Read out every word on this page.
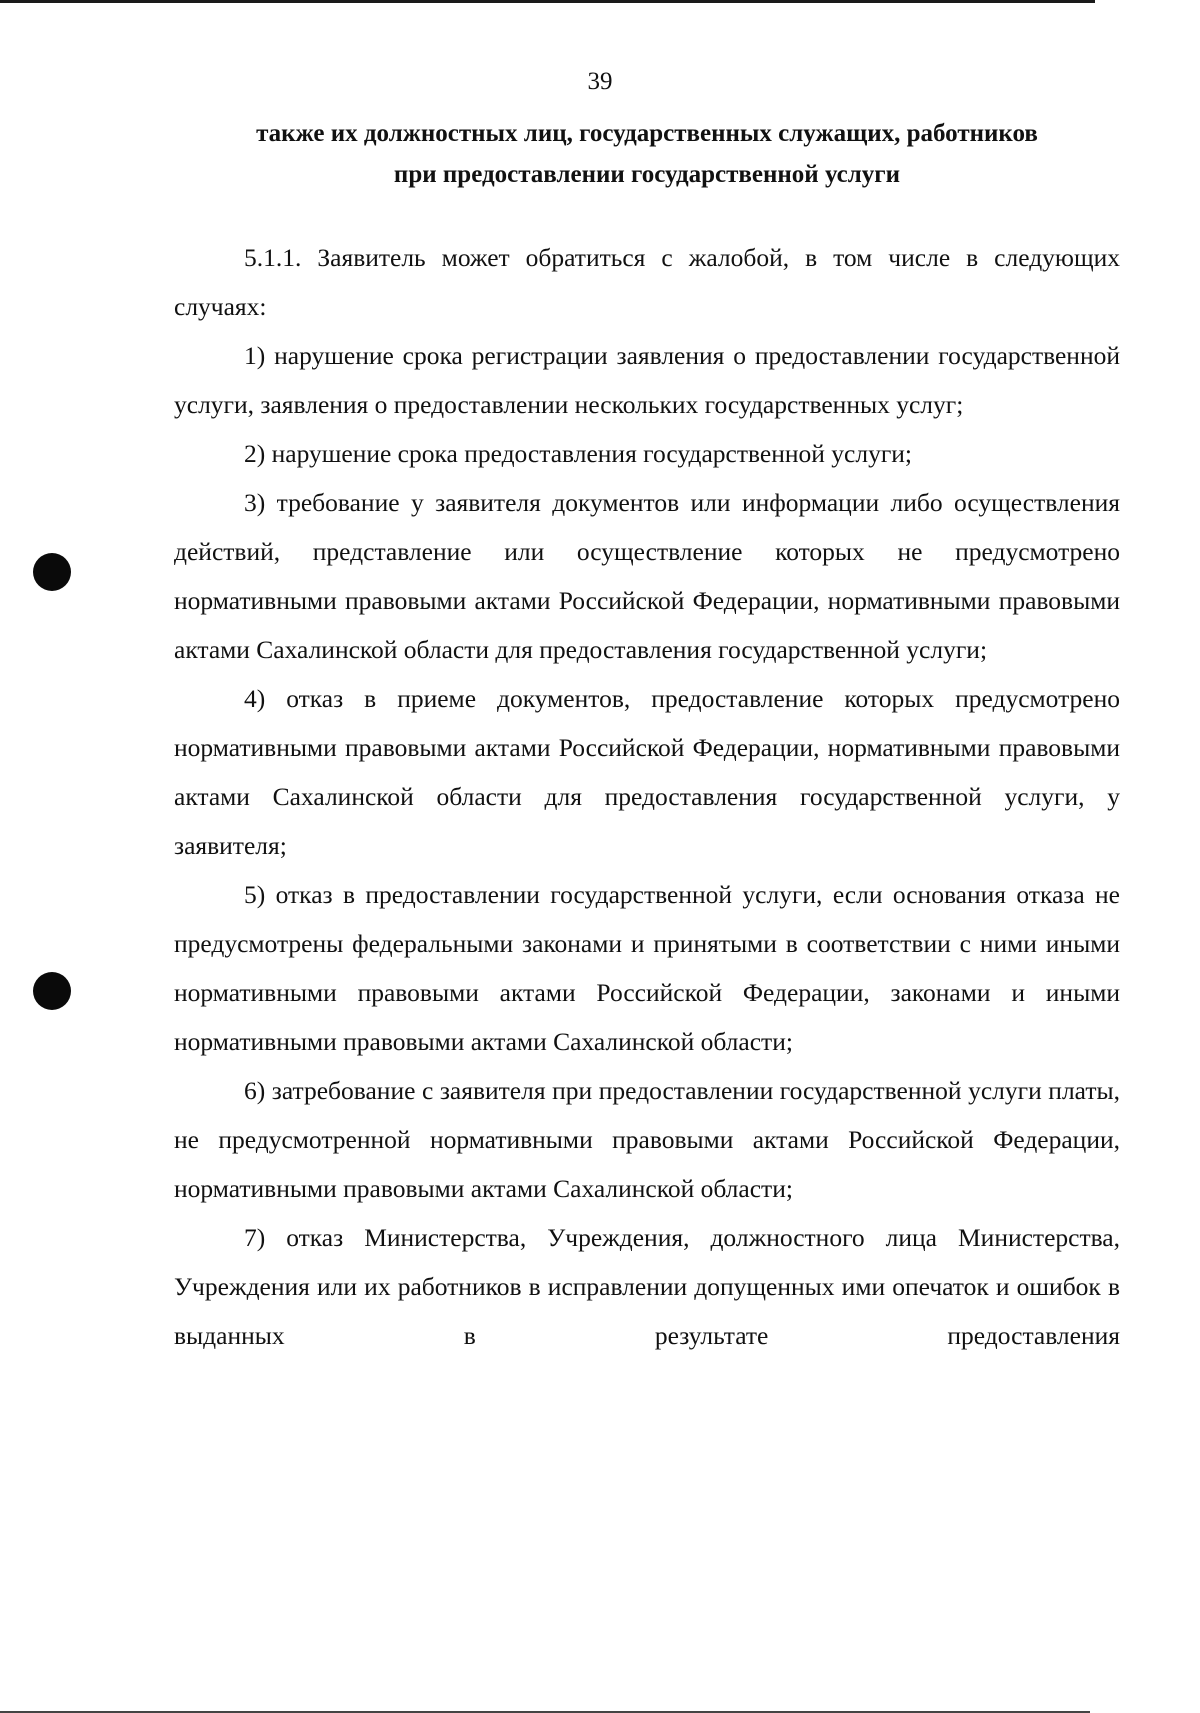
39
также их должностных лиц, государственных служащих, работников
при предоставлении государственной услуги

5.1.1. Заявитель может обратиться с жалобой, в том числе в следующих случаях:

1) нарушение срока регистрации заявления о предоставлении государственной услуги, заявления о предоставлении нескольких государственных услуг;

2) нарушение срока предоставления государственной услуги;

3) требование у заявителя документов или информации либо осуществления действий, представление или осуществление которых не предусмотрено нормативными правовыми актами Российской Федерации, нормативными правовыми актами Сахалинской области для предоставления государственной услуги;

4) отказ в приеме документов, предоставление которых предусмотрено нормативными правовыми актами Российской Федерации, нормативными правовыми актами Сахалинской области для предоставления государственной услуги, у заявителя;

5) отказ в предоставлении государственной услуги, если основания отказа не предусмотрены федеральными законами и принятыми в соответствии с ними иными нормативными правовыми актами Российской Федерации, законами и иными нормативными правовыми актами Сахалинской области;

6) затребование с заявителя при предоставлении государственной услуги платы, не предусмотренной нормативными правовыми актами Российской Федерации, нормативными правовыми актами Сахалинской области;

7) отказ Министерства, Учреждения, должностного лица Министерства, Учреждения или их работников в исправлении допущенных ими опечаток и ошибок в выданных в результате предоставления
